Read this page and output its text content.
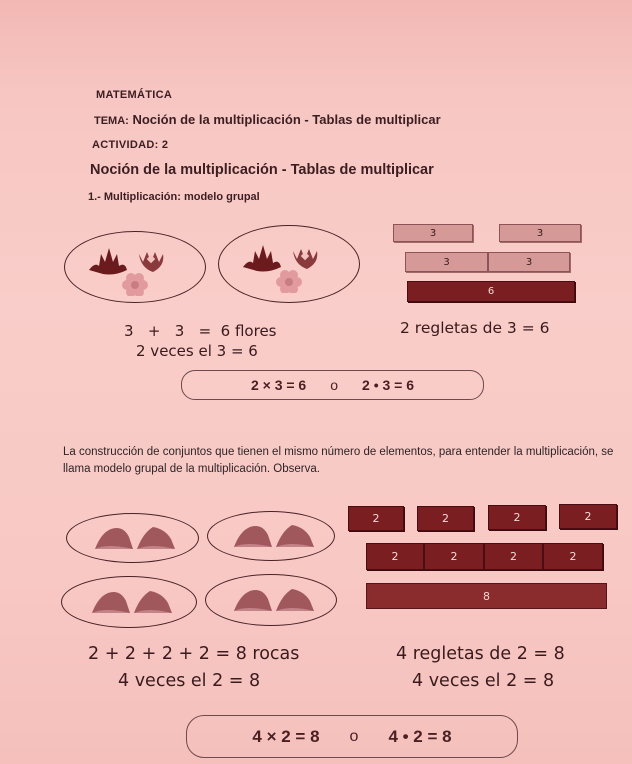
MATEMÁTICA
TEMA: Noción de la multiplicación - Tablas de multiplicar
ACTIVIDAD: 2
Noción de la multiplicación - Tablas de multiplicar
1.- Multiplicación: modelo grupal
3	3
3	3
6
3   +   3   =  6 flores
2 veces el 3 = 6
2 regletas de 3 = 6
2 × 3 = 6 o 2 • 3 = 6
La construcción de conjuntos que tienen el mismo número de elementos, para entender la multiplicación, se llama modelo grupal de la multiplicación. Observa.
2	2	2	2
2	2	2	2
8
2 + 2 + 2 + 2 = 8 rocas
4 veces el 2 = 8
4 regletas de 2 = 8
4 veces el 2 = 8
4 × 2 = 8 o 4 • 2 = 8
